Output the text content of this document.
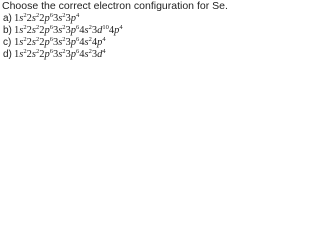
Choose the correct electron configuration for Se.
a) $1s^22s^22p^63s^23p^4$
b) $1s^22s^22p^63s^23p^64s^23d^{10}4p^4$
c) $1s^22s^22p^63s^23p^64s^24p^4$
d) $1s^22s^22p^63s^23p^64s^23d^4$
